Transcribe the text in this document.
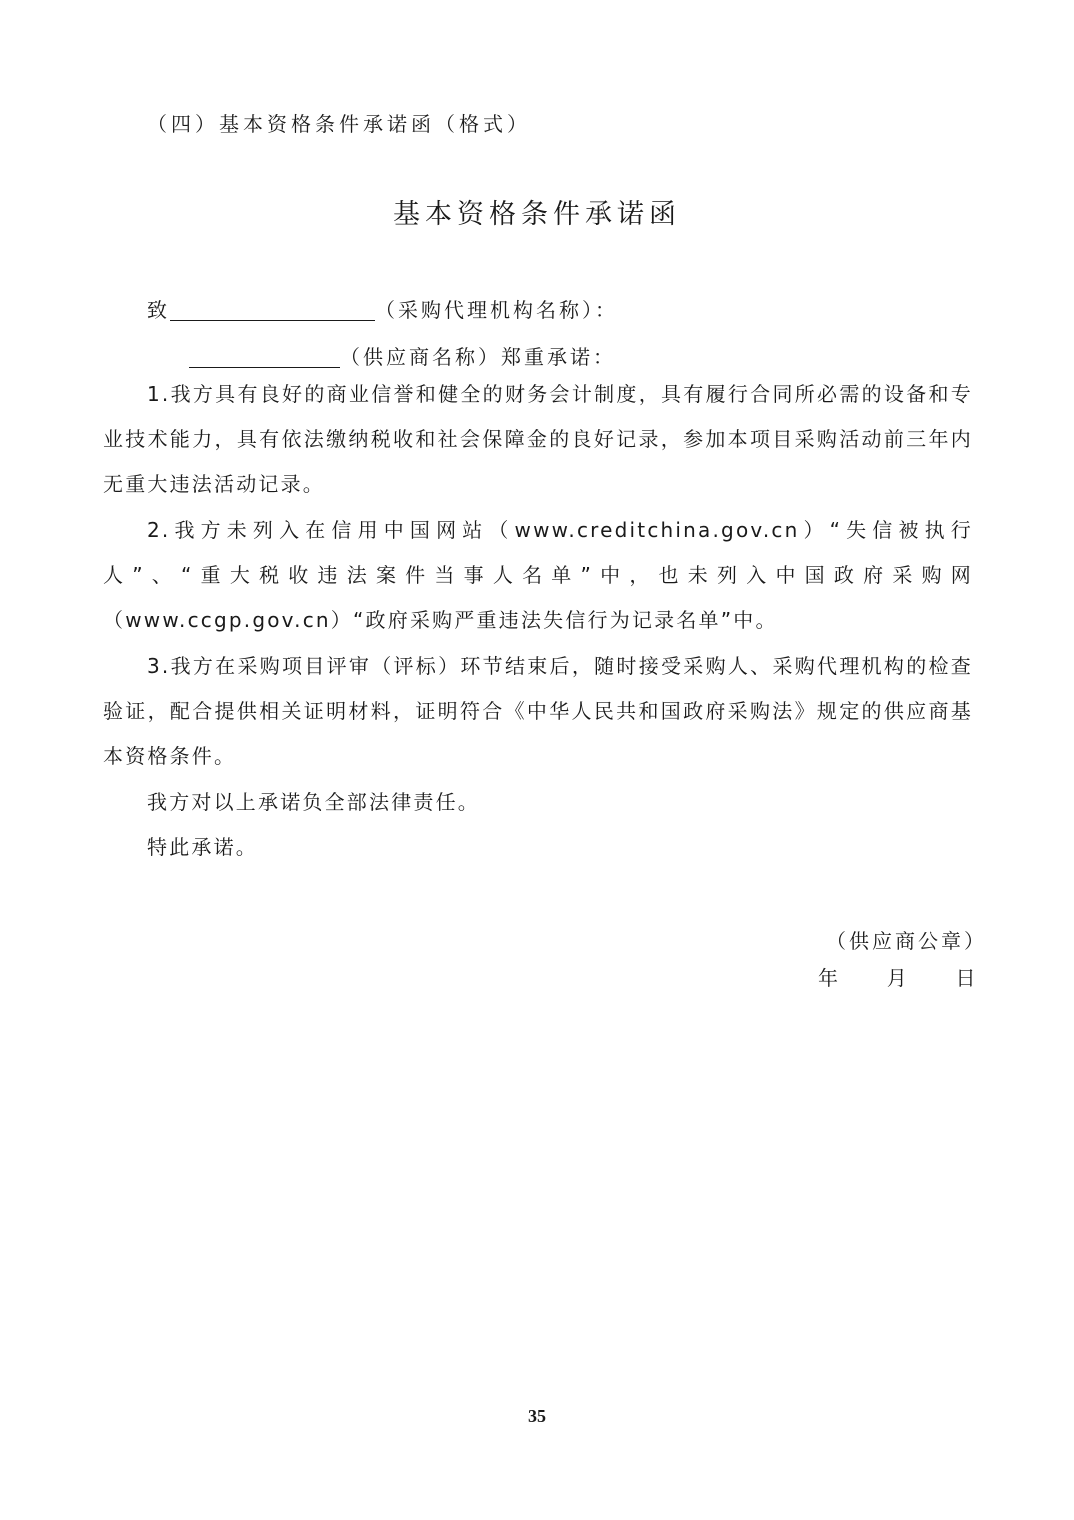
（四）基本资格条件承诺函（格式）
基本资格条件承诺函
致	（采购代理机构名称）：
（供应商名称）郑重承诺：
1.我方具有良好的商业信誉和健全的财务会计制度，具有履行合同所必需的设备和专业技术能力，具有依法缴纳税收和社会保障金的良好记录，参加本项目采购活动前三年内无重大违法活动记录。
2.我方未列入在信用中国网站（www.creditchina.gov.cn）“失信被执行人”、“重大税收违法案件当事人名单”中，也未列入中国政府采购网（www.ccgp.gov.cn）“政府采购严重违法失信行为记录名单”中。
3.我方在采购项目评审（评标）环节结束后，随时接受采购人、采购代理机构的检查验证，配合提供相关证明材料，证明符合《中华人民共和国政府采购法》规定的供应商基本资格条件。
我方对以上承诺负全部法律责任。
特此承诺。
（供应商公章）
年 月 日
35
